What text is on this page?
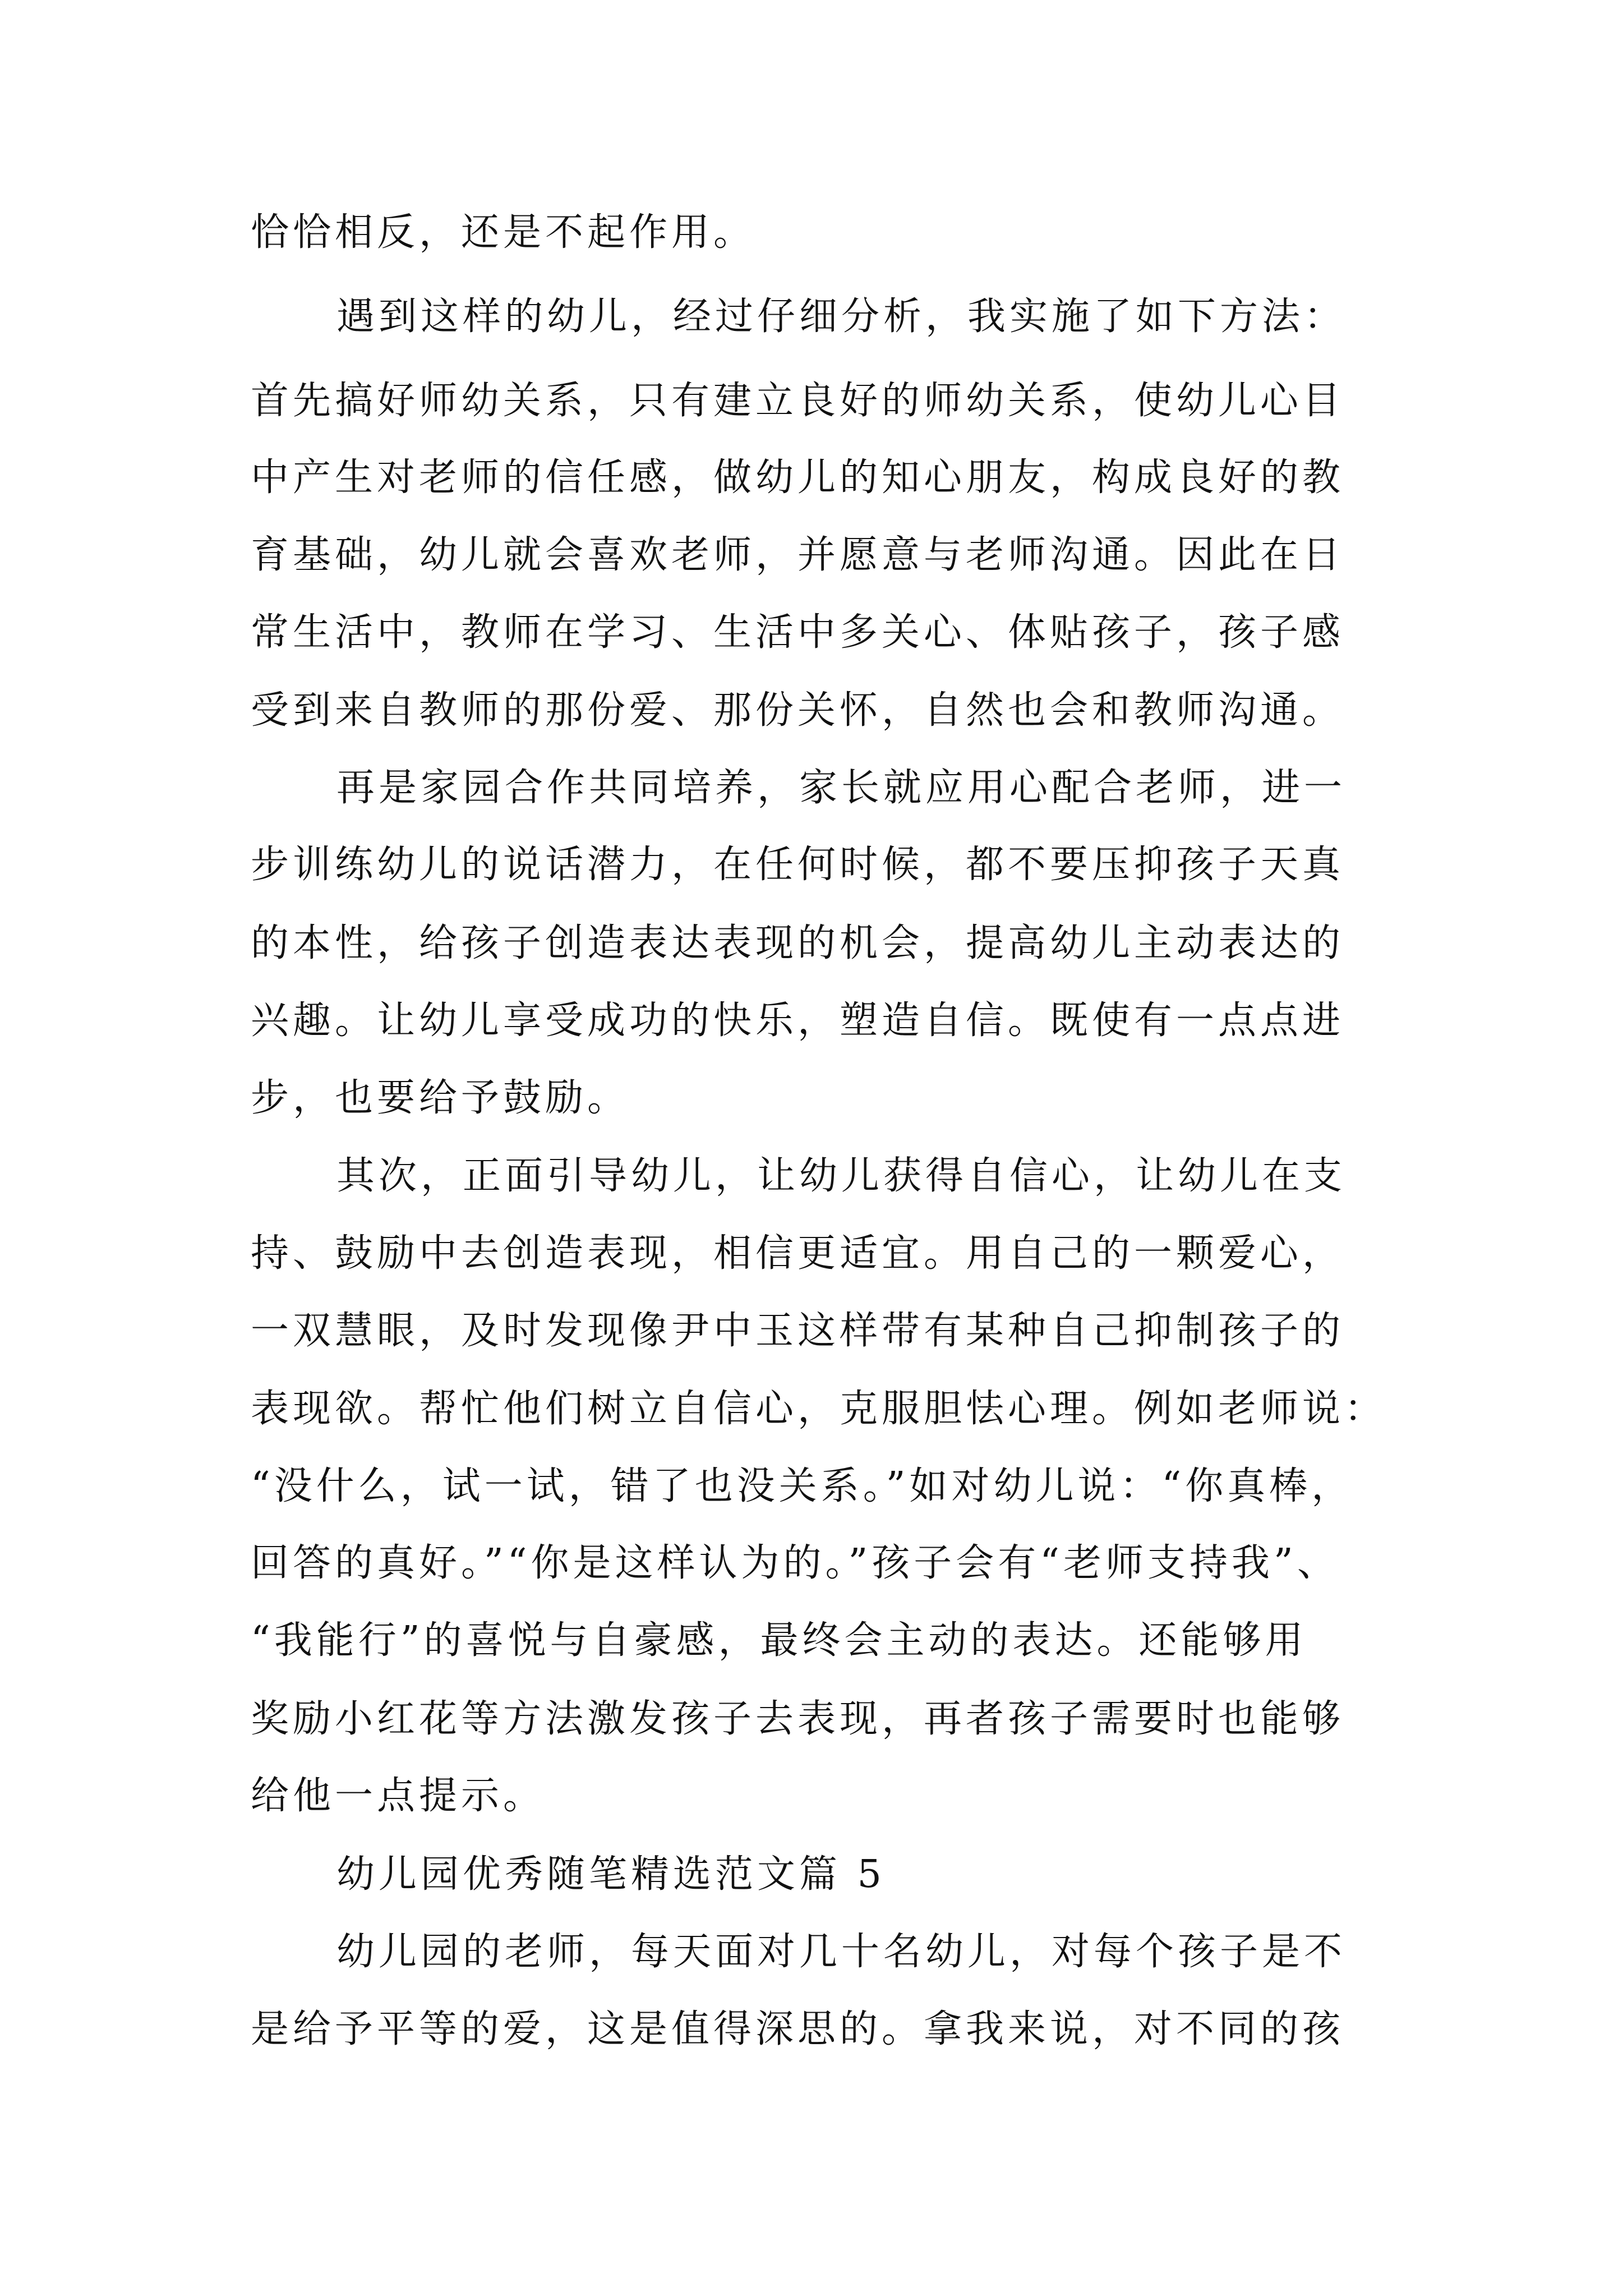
恰恰相反，还是不起作用。
遇到这样的幼儿，经过仔细分析，我实施了如下方法：
首先搞好师幼关系，只有建立良好的师幼关系，使幼儿心目
中产生对老师的信任感，做幼儿的知心朋友，构成良好的教
育基础，幼儿就会喜欢老师，并愿意与老师沟通。因此在日
常生活中，教师在学习、生活中多关心、体贴孩子，孩子感
受到来自教师的那份爱、那份关怀，自然也会和教师沟通。
再是家园合作共同培养，家长就应用心配合老师，进一
步训练幼儿的说话潜力，在任何时候，都不要压抑孩子天真
的本性，给孩子创造表达表现的机会，提高幼儿主动表达的
兴趣。让幼儿享受成功的快乐，塑造自信。既使有一点点进
步，也要给予鼓励。
其次，正面引导幼儿，让幼儿获得自信心，让幼儿在支
持、鼓励中去创造表现，相信更适宜。用自己的一颗爱心，
一双慧眼，及时发现像尹中玉这样带有某种自己抑制孩子的
表现欲。帮忙他们树立自信心，克服胆怯心理。例如老师说：
“没什么，试一试，错了也没关系。”如对幼儿说：“你真棒，
回答的真好。”“你是这样认为的。”孩子会有“老师支持我”、
“我能行”的喜悦与自豪感，最终会主动的表达。还能够用
奖励小红花等方法激发孩子去表现，再者孩子需要时也能够
给他一点提示。
幼儿园优秀随笔精选范文篇 5
幼儿园的老师，每天面对几十名幼儿，对每个孩子是不
是给予平等的爱，这是值得深思的。拿我来说，对不同的孩
